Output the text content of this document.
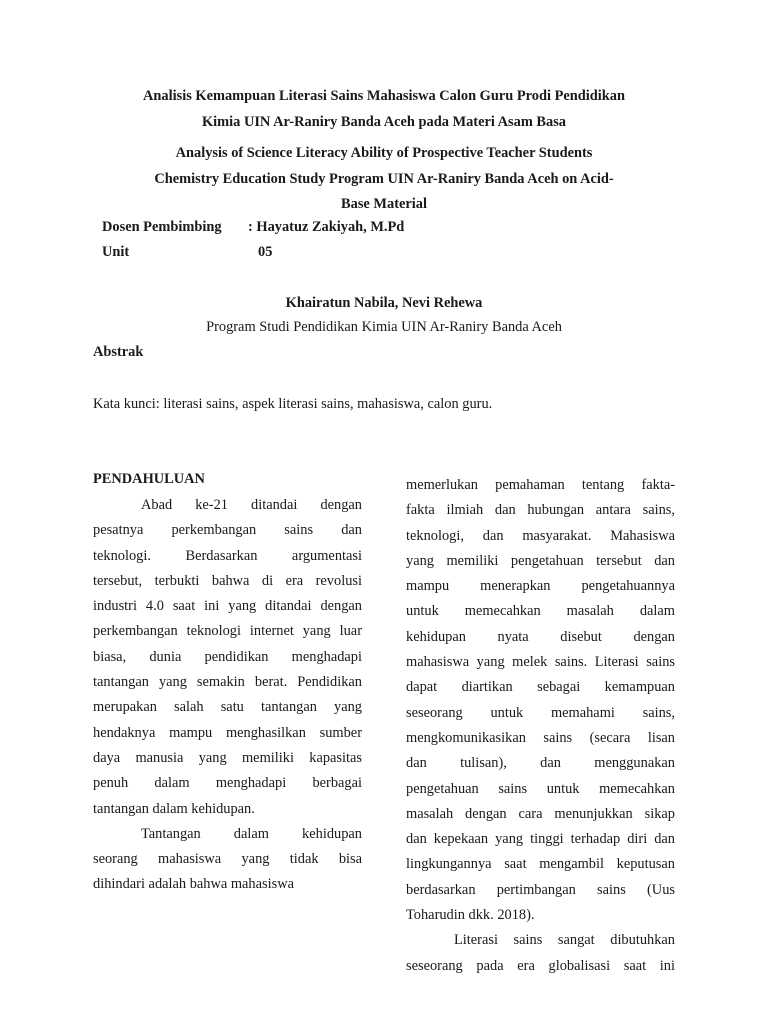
Analisis Kemampuan Literasi Sains Mahasiswa Calon Guru Prodi Pendidikan
Kimia UIN Ar-Raniry Banda Aceh pada Materi Asam Basa
Analysis of Science Literacy Ability of Prospective Teacher Students
Chemistry Education Study Program UIN Ar-Raniry Banda Aceh on Acid-
Base Material
Dosen Pembimbing : Hayatuz Zakiyah, M.Pd
Unit	05
Khairatun Nabila, Nevi Rehewa
Program Studi Pendidikan Kimia UIN Ar-Raniry Banda Aceh
Abstrak
Kata kunci: literasi sains, aspek literasi sains, mahasiswa, calon guru.
PENDAHULUAN
Abad ke-21 ditandai dengan
pesatnya perkembangan sains dan
teknologi. Berdasarkan argumentasi
tersebut, terbukti bahwa di era revolusi
industri 4.0 saat ini yang ditandai dengan
perkembangan teknologi internet yang luar
biasa, dunia pendidikan menghadapi
tantangan yang semakin berat. Pendidikan
merupakan salah satu tantangan yang
hendaknya mampu menghasilkan sumber
daya manusia yang memiliki kapasitas
penuh dalam menghadapi berbagai
tantangan dalam kehidupan.
Tantangan dalam kehidupan
seorang mahasiswa yang tidak bisa
dihindari adalah bahwa mahasiswa
memerlukan pemahaman tentang fakta-
fakta ilmiah dan hubungan antara sains,
teknologi, dan masyarakat. Mahasiswa
yang memiliki pengetahuan tersebut dan
mampu menerapkan pengetahuannya
untuk memecahkan masalah dalam
kehidupan nyata disebut dengan
mahasiswa yang melek sains. Literasi sains
dapat diartikan sebagai kemampuan
seseorang untuk memahami sains,
mengkomunikasikan sains (secara lisan
dan tulisan), dan menggunakan
pengetahuan sains untuk memecahkan
masalah dengan cara menunjukkan sikap
dan kepekaan yang tinggi terhadap diri dan
lingkungannya saat mengambil keputusan
berdasarkan pertimbangan sains (Uus
Toharudin dkk. 2018).
Literasi sains sangat dibutuhkan
seseorang pada era globalisasi saat ini
